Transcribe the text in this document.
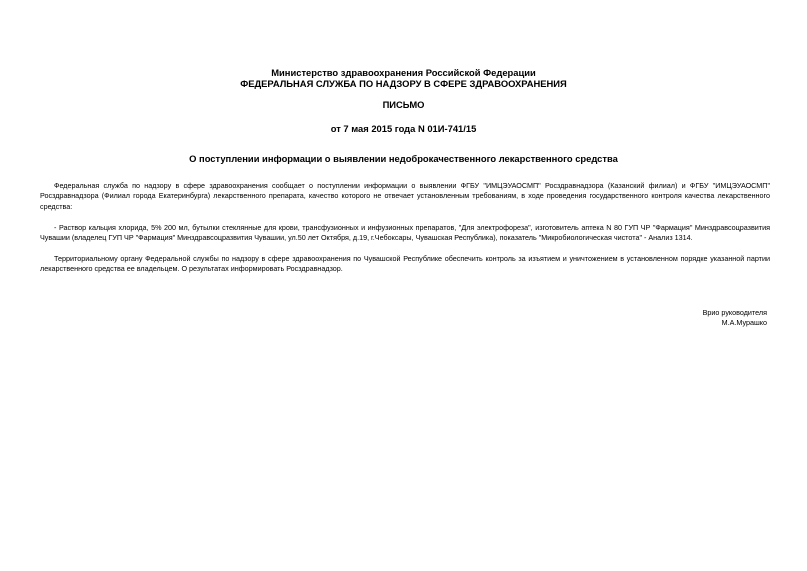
Министерство здравоохранения Российской Федерации
ФЕДЕРАЛЬНАЯ СЛУЖБА ПО НАДЗОРУ В СФЕРЕ ЗДРАВООХРАНЕНИЯ
ПИСЬМО
от 7 мая 2015 года N 01И-741/15
О поступлении информации о выявлении недоброкачественного лекарственного средства

Федеральная служба по надзору в сфере здравоохранения сообщает о поступлении информации о выявлении ФГБУ "ИМЦЭУАОСМП" Росздравнадзора (Казанский филиал) и ФГБУ "ИМЦЭУАОСМП" Росздравнадзора (Филиал города Екатеринбурга) лекарственного препарата, качество которого не отвечает установленным требованиям, в ходе проведения государственного контроля качества лекарственного средства:

- Раствор кальция хлорида, 5% 200 мл, бутылки стеклянные для крови, трансфузионных и инфузионных препаратов, "Для электрофореза", изготовитель аптека N 80 ГУП ЧР "Фармация" Минздравсоцразвития Чувашии (владелец ГУП ЧР "Фармация" Минздравсоцразвития Чувашии, ул.50 лет Октября, д.19, г.Чебоксары, Чувашская Республика), показатель "Микробиологическая чистота" - Анализ 1314.

Территориальному органу Федеральной службы по надзору в сфере здравоохранения по Чувашской Республике обеспечить контроль за изъятием и уничтожением в установленном порядке указанной партии лекарственного средства ее владельцем. О результатах информировать Росздравнадзор.

Врио руководителя
М.А.Мурашко
